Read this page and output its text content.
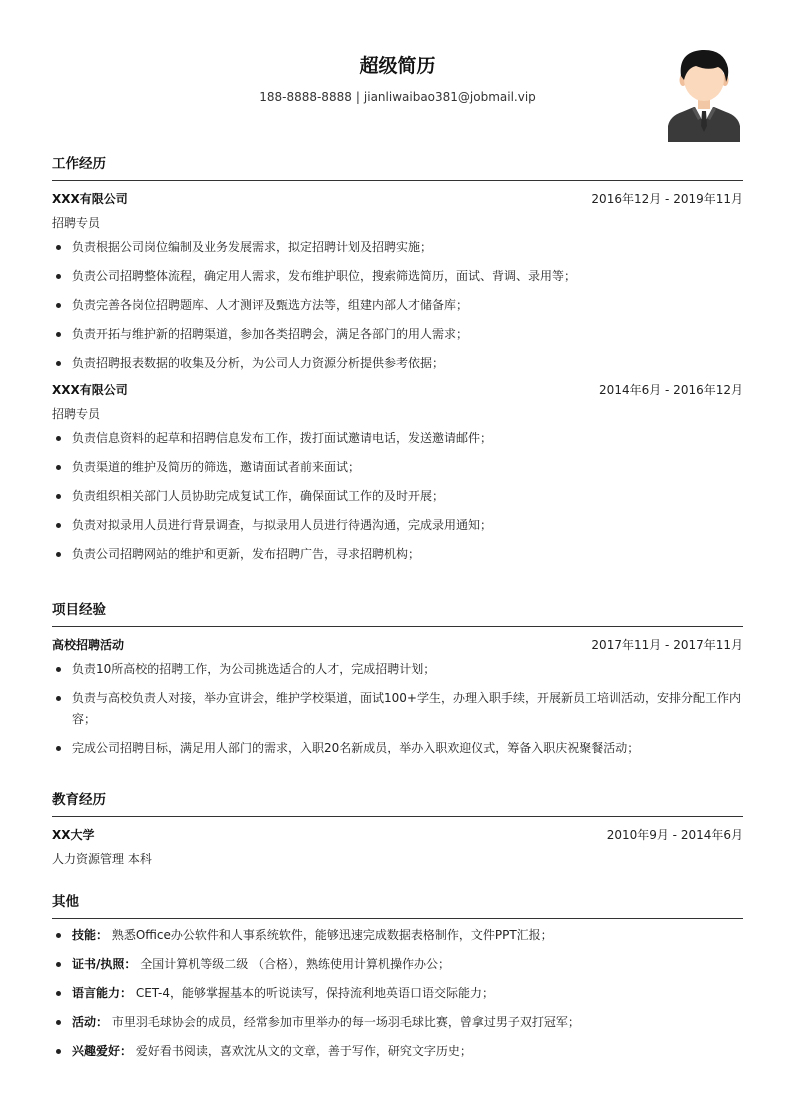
超级简历
188-8888-8888 | jianliwaibao381@jobmail.vip
工作经历
XXX有限公司	2016年12月 - 2019年11月
招聘专员
负责根据公司岗位编制及业务发展需求，拟定招聘计划及招聘实施；
负责公司招聘整体流程，确定用人需求，发布维护职位，搜索筛选简历，面试、背调、录用等；
负责完善各岗位招聘题库、人才测评及甄选方法等，组建内部人才储备库；
负责开拓与维护新的招聘渠道，参加各类招聘会，满足各部门的用人需求；
负责招聘报表数据的收集及分析，为公司人力资源分析提供参考依据；
XXX有限公司	2014年6月 - 2016年12月
招聘专员
负责信息资料的起草和招聘信息发布工作，拨打面试邀请电话，发送邀请邮件；
负责渠道的维护及简历的筛选，邀请面试者前来面试；
负责组织相关部门人员协助完成复试工作，确保面试工作的及时开展；
负责对拟录用人员进行背景调查，与拟录用人员进行待遇沟通，完成录用通知；
负责公司招聘网站的维护和更新，发布招聘广告，寻求招聘机构；
项目经验
高校招聘活动	2017年11月 - 2017年11月
负责10所高校的招聘工作，为公司挑选适合的人才，完成招聘计划；
负责与高校负责人对接，举办宣讲会，维护学校渠道，面试100+学生，办理入职手续，开展新员工培训活动，安排分配工作内容；
完成公司招聘目标，满足用人部门的需求，入职20名新成员，举办入职欢迎仪式，筹备入职庆祝聚餐活动；
教育经历
XX大学	2010年9月 - 2014年6月
人力资源管理 本科
其他
技能： 熟悉Office办公软件和人事系统软件，能够迅速完成数据表格制作，文件PPT汇报；
证书/执照： 全国计算机等级二级 （合格），熟练使用计算机操作办公；
语言能力： CET-4，能够掌握基本的听说读写，保持流利地英语口语交际能力；
活动： 市里羽毛球协会的成员，经常参加市里举办的每一场羽毛球比赛，曾拿过男子双打冠军；
兴趣爱好： 爱好看书阅读，喜欢沈从文的文章，善于写作，研究文字历史；
